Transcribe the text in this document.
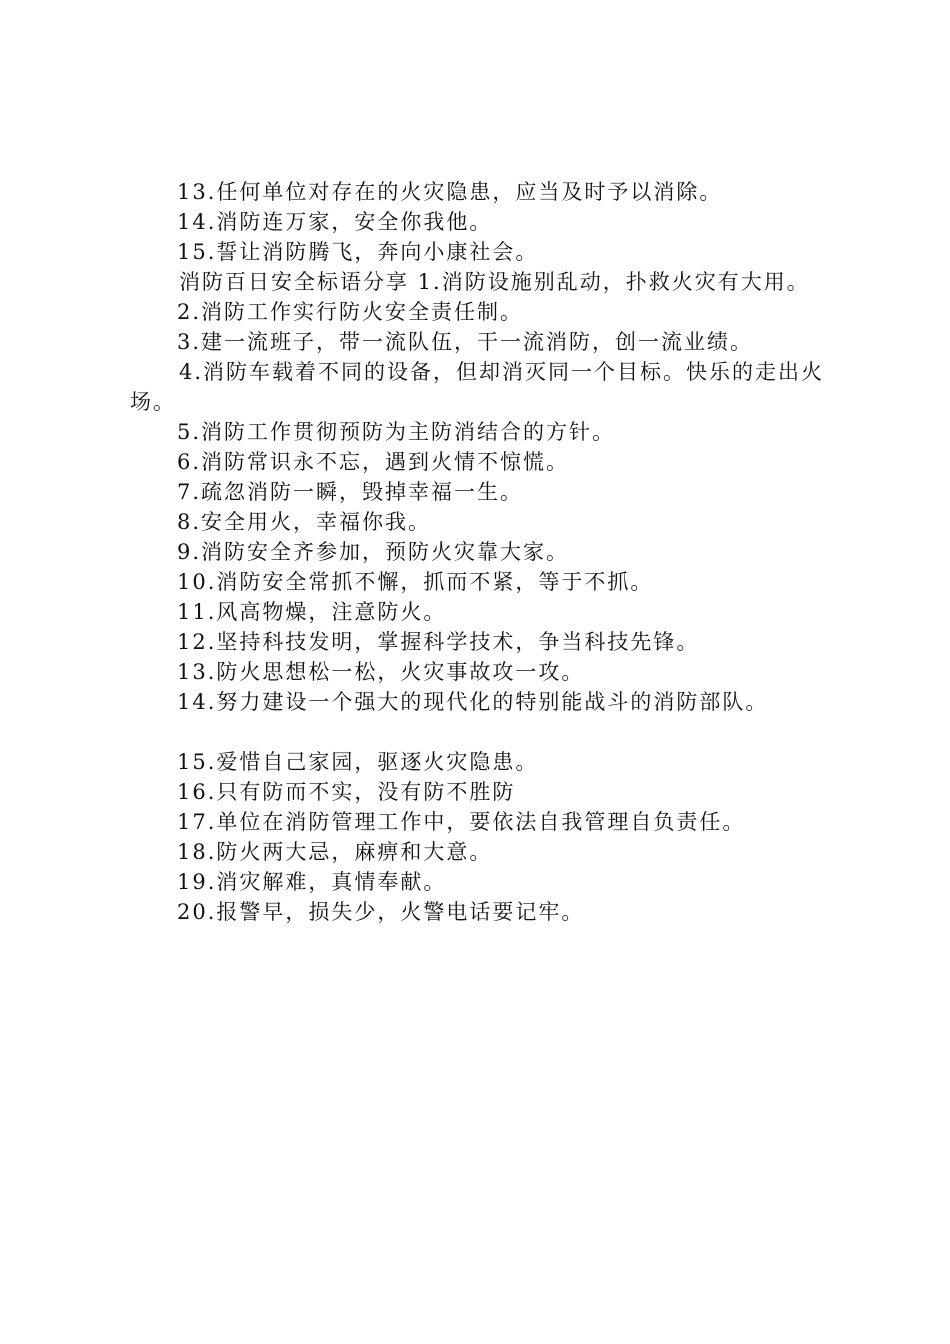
13.任何单位对存在的火灾隐患，应当及时予以消除。

14.消防连万家，安全你我他。

15.誓让消防腾飞，奔向小康社会。

消防百日安全标语分享 1.消防设施别乱动，扑救火灾有大用。

2.消防工作实行防火安全责任制。

3.建一流班子，带一流队伍，干一流消防，创一流业绩。

4.消防车载着不同的设备，但却消灭同一个目标。快乐的走出火场。

5.消防工作贯彻预防为主防消结合的方针。

6.消防常识永不忘，遇到火情不惊慌。

7.疏忽消防一瞬，毁掉幸福一生。

8.安全用火，幸福你我。

9.消防安全齐参加，预防火灾靠大家。

10.消防安全常抓不懈，抓而不紧，等于不抓。

11.风高物燥，注意防火。

12.坚持科技发明，掌握科学技术，争当科技先锋。

13.防火思想松一松，火灾事故攻一攻。

14.努力建设一个强大的现代化的特别能战斗的消防部队。

15.爱惜自己家园，驱逐火灾隐患。

16.只有防而不实，没有防不胜防

17.单位在消防管理工作中，要依法自我管理自负责任。

18.防火两大忌，麻痹和大意。

19.消灾解难，真情奉献。

20.报警早，损失少，火警电话要记牢。
